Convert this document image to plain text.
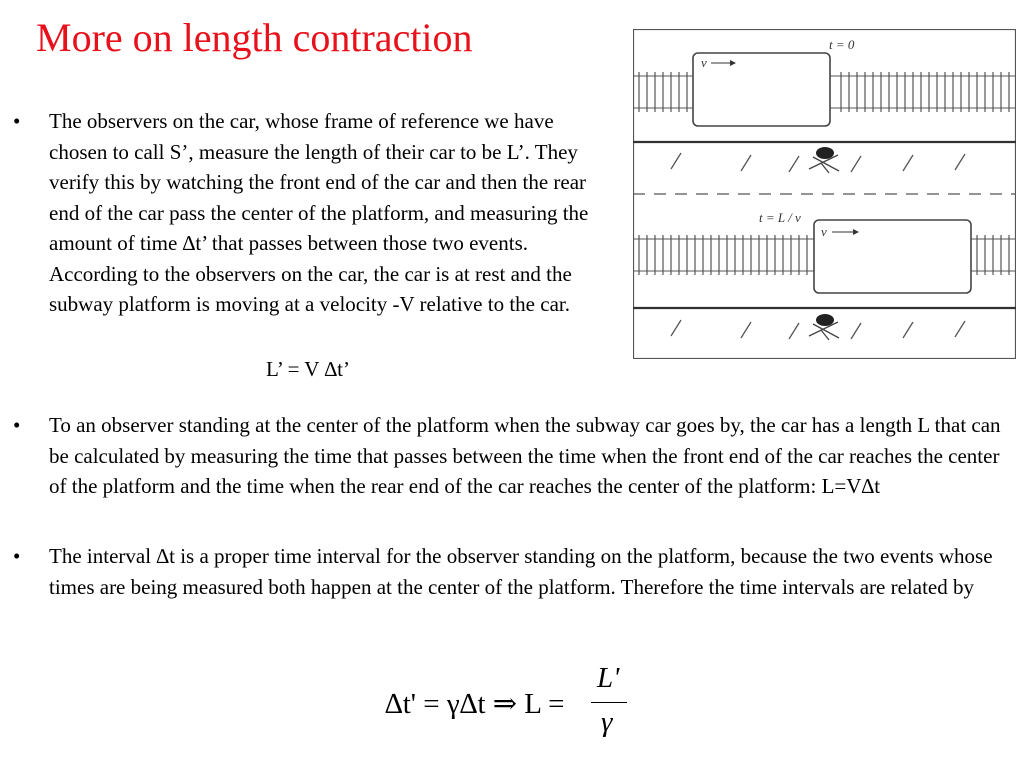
More on length contraction
• The observers on the car, whose frame of reference we have chosen to call S’, measure the length of their car to be L’. They verify this by watching the front end of the car and then the rear end of the car pass the center of the platform, and measuring the amount of time ∆t’ that passes between those two events. According to the observers on the car, the car is at rest and the subway platform is moving at a velocity -V relative to the car.
L’ = V ∆t’
• To an observer standing at the center of the platform when the subway car goes by, the car has a length L that can be calculated by measuring the time that passes between the time when the front end of the car reaches the center of the platform and the time when the rear end of the car reaches the center of the platform: L=V∆t
• The interval ∆t is a proper time interval for the observer standing on the platform, because the two events whose times are being measured both happen at the center of the platform. Therefore the time intervals are related by
t = 0
v
t = L / v
v
∆t' = γ∆t ⇒ L =
L'
γ
